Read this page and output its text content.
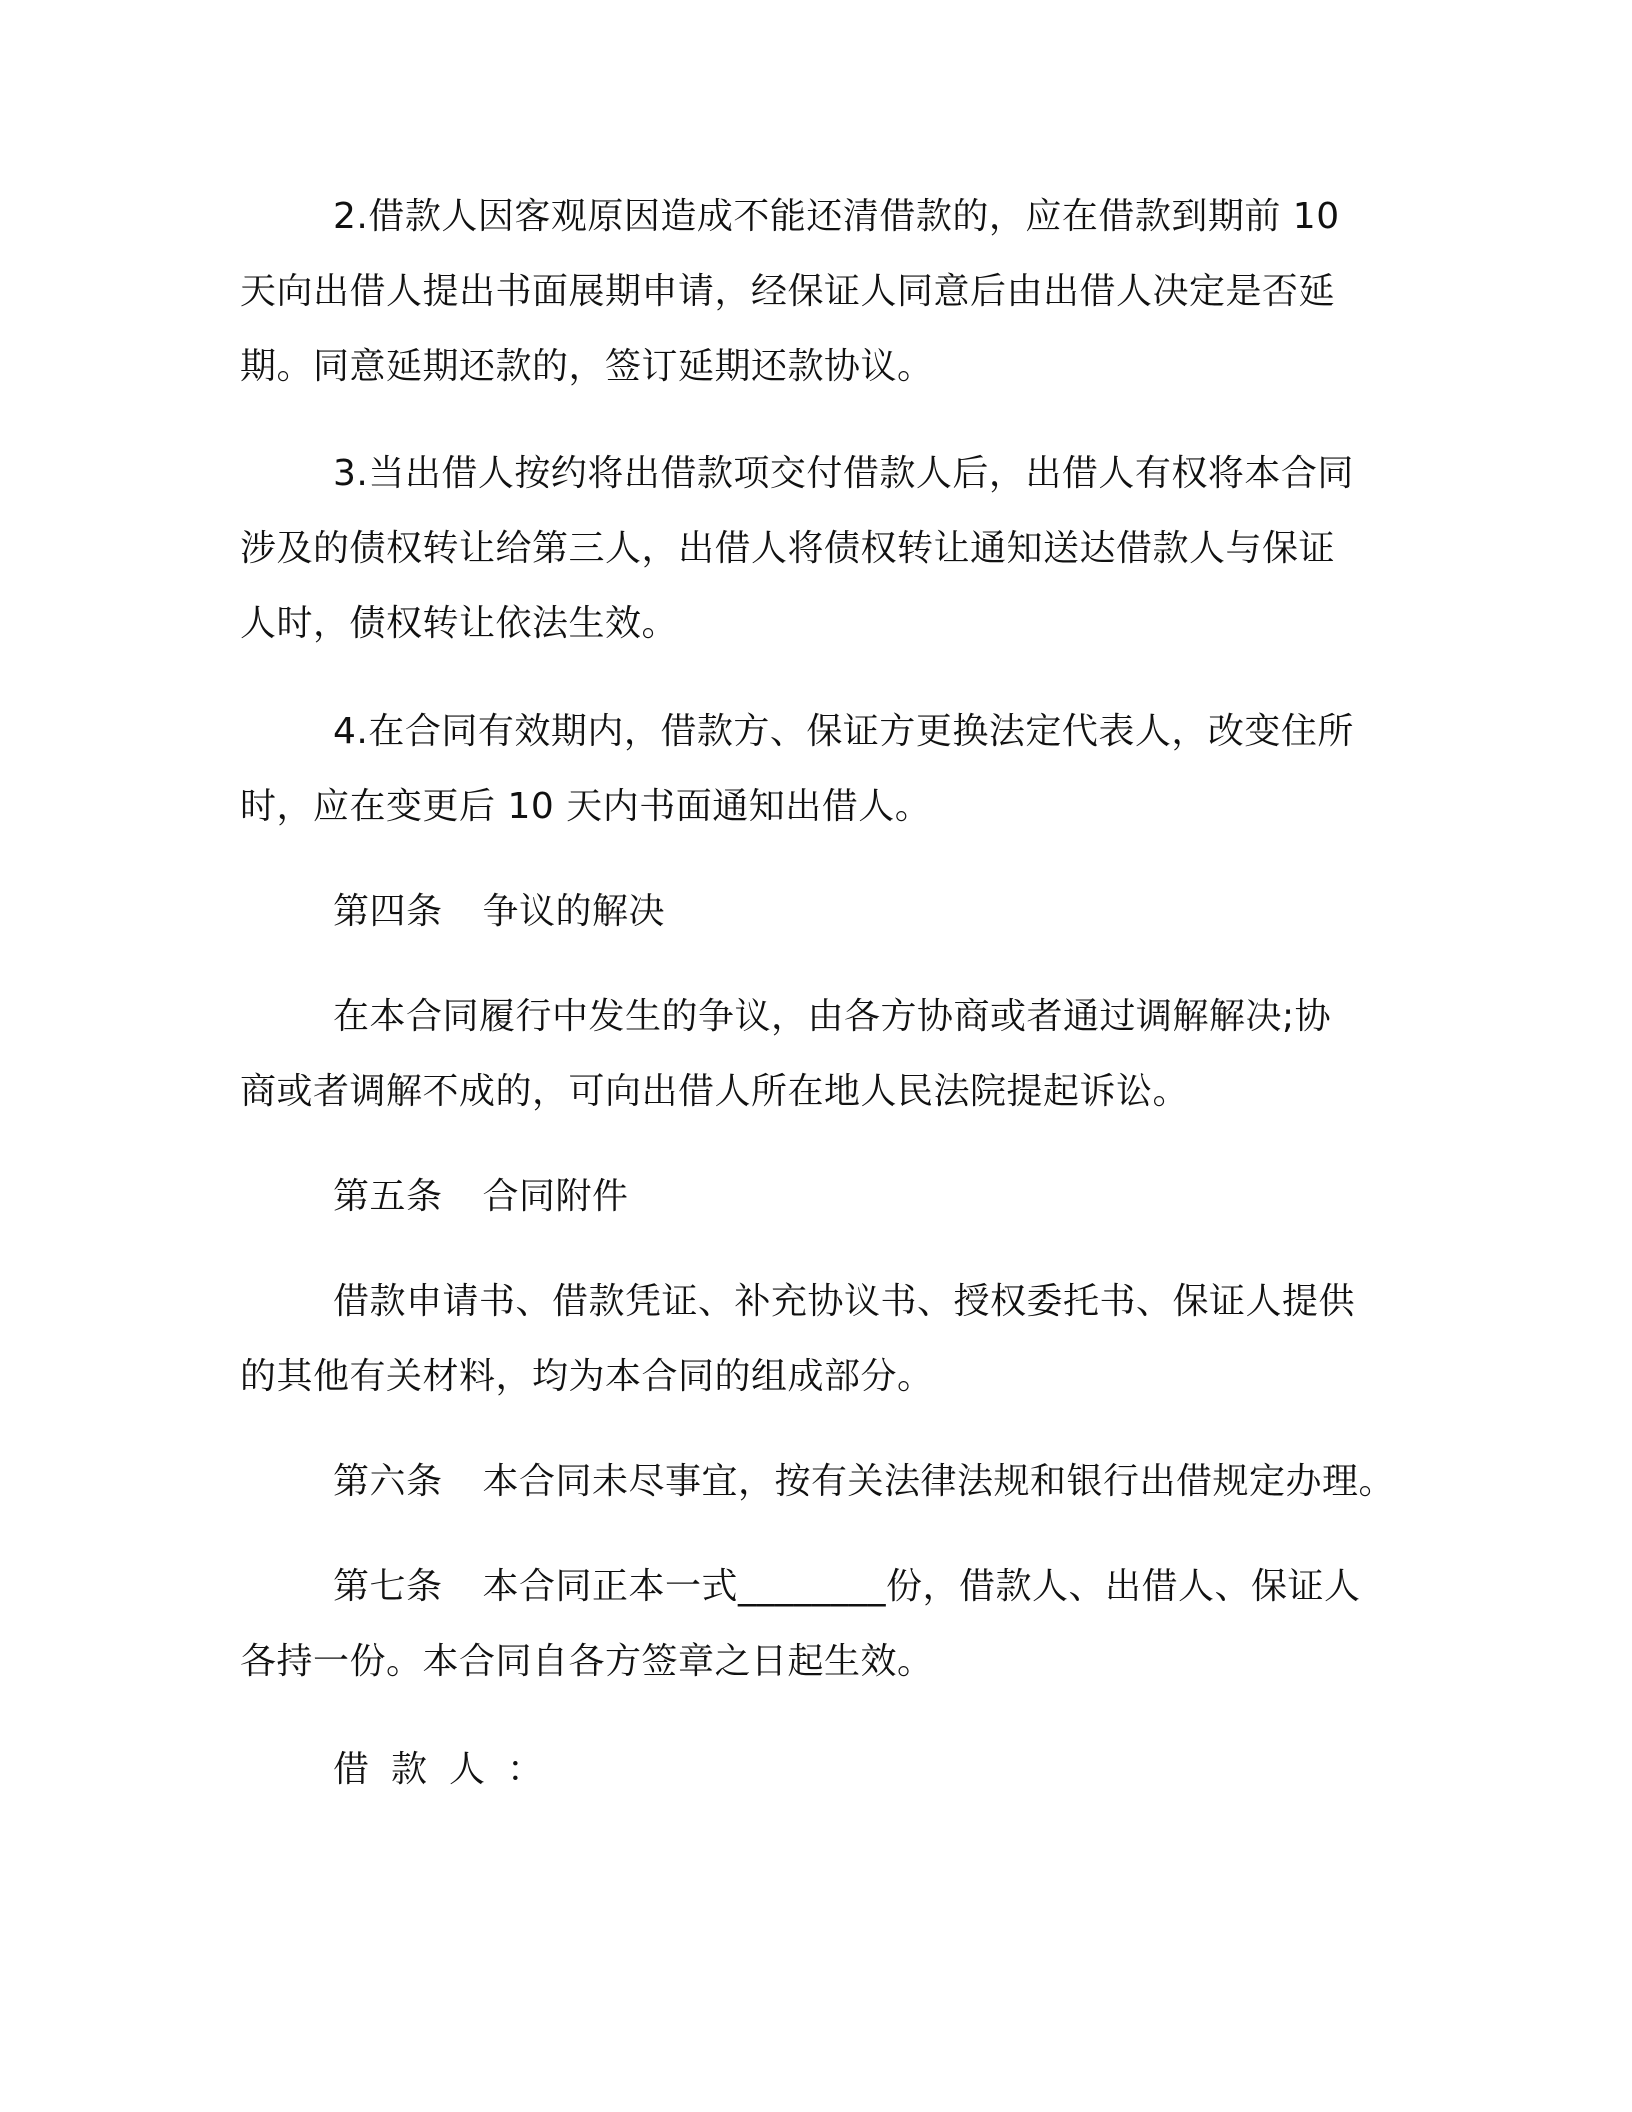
2.借款人因客观原因造成不能还清借款的，应在借款到期前 10
天向出借人提出书面展期申请，经保证人同意后由出借人决定是否延
期。同意延期还款的，签订延期还款协议。
3.当出借人按约将出借款项交付借款人后，出借人有权将本合同
涉及的债权转让给第三人，出借人将债权转让通知送达借款人与保证
人时，债权转让依法生效。
4.在合同有效期内，借款方、保证方更换法定代表人，改变住所
时，应在变更后 10 天内书面通知出借人。
第四条 争议的解决
在本合同履行中发生的争议，由各方协商或者通过调解解决;协
商或者调解不成的，可向出借人所在地人民法院提起诉讼。
第五条 合同附件
借款申请书、借款凭证、补充协议书、授权委托书、保证人提供
的其他有关材料，均为本合同的组成部分。
第六条 本合同未尽事宜，按有关法律法规和银行出借规定办理。
第七条 本合同正本一式________份，借款人、出借人、保证人
各持一份。本合同自各方签章之日起生效。
借款人：
